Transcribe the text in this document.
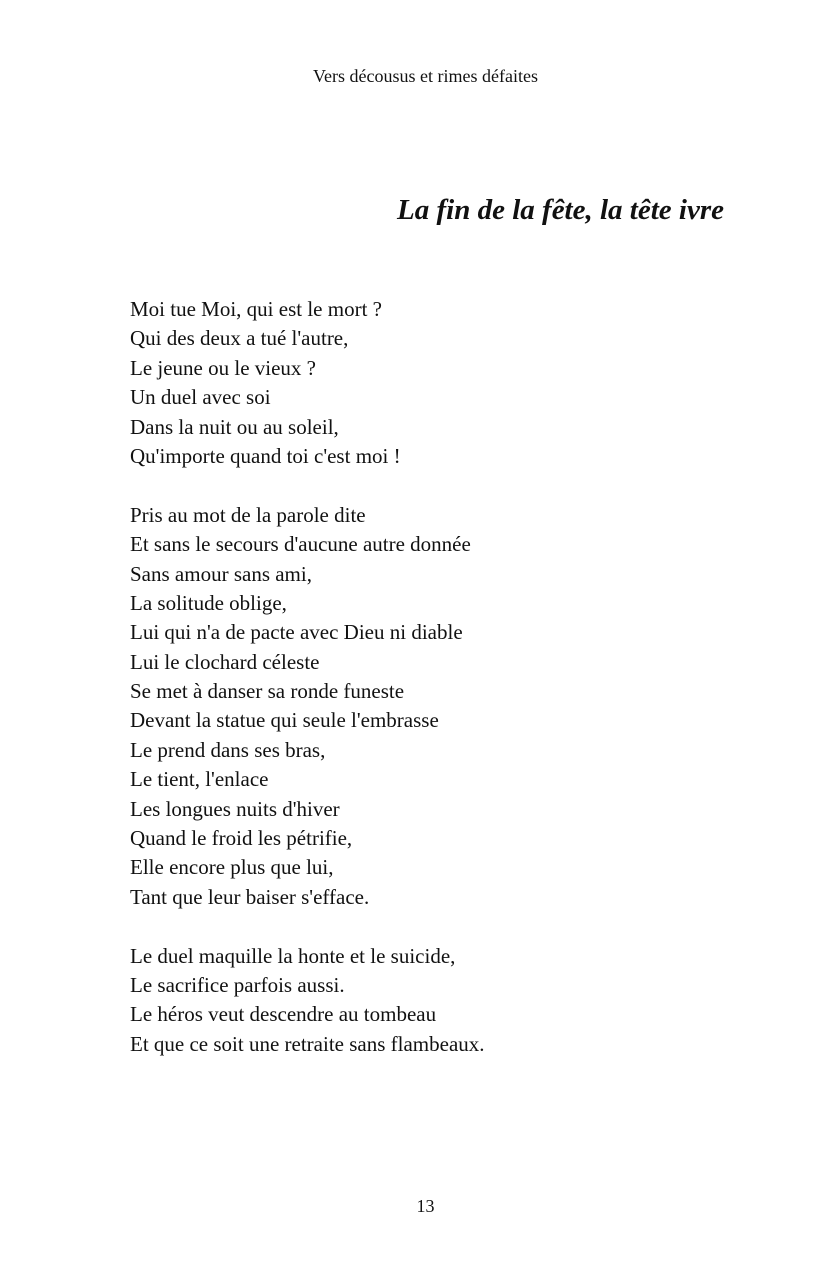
Vers décousus et rimes défaites
La fin de la fête, la tête ivre
Moi tue Moi, qui est le mort ?
Qui des deux a tué l'autre,
Le jeune ou le vieux ?
Un duel avec soi
Dans la nuit ou au soleil,
Qu'importe quand toi c'est moi !
Pris au mot de la parole dite
Et sans le secours d'aucune autre donnée
Sans amour sans ami,
La solitude oblige,
Lui qui n'a de pacte avec Dieu ni diable
Lui le clochard céleste
Se met à danser sa ronde funeste
Devant la statue qui seule l'embrasse
Le prend dans ses bras,
Le tient, l'enlace
Les longues nuits d'hiver
Quand le froid les pétrifie,
Elle encore plus que lui,
Tant que leur baiser s'efface.
Le duel maquille la honte et le suicide,
Le sacrifice parfois aussi.
Le héros veut descendre au tombeau
Et que ce soit une retraite sans flambeaux.
13
